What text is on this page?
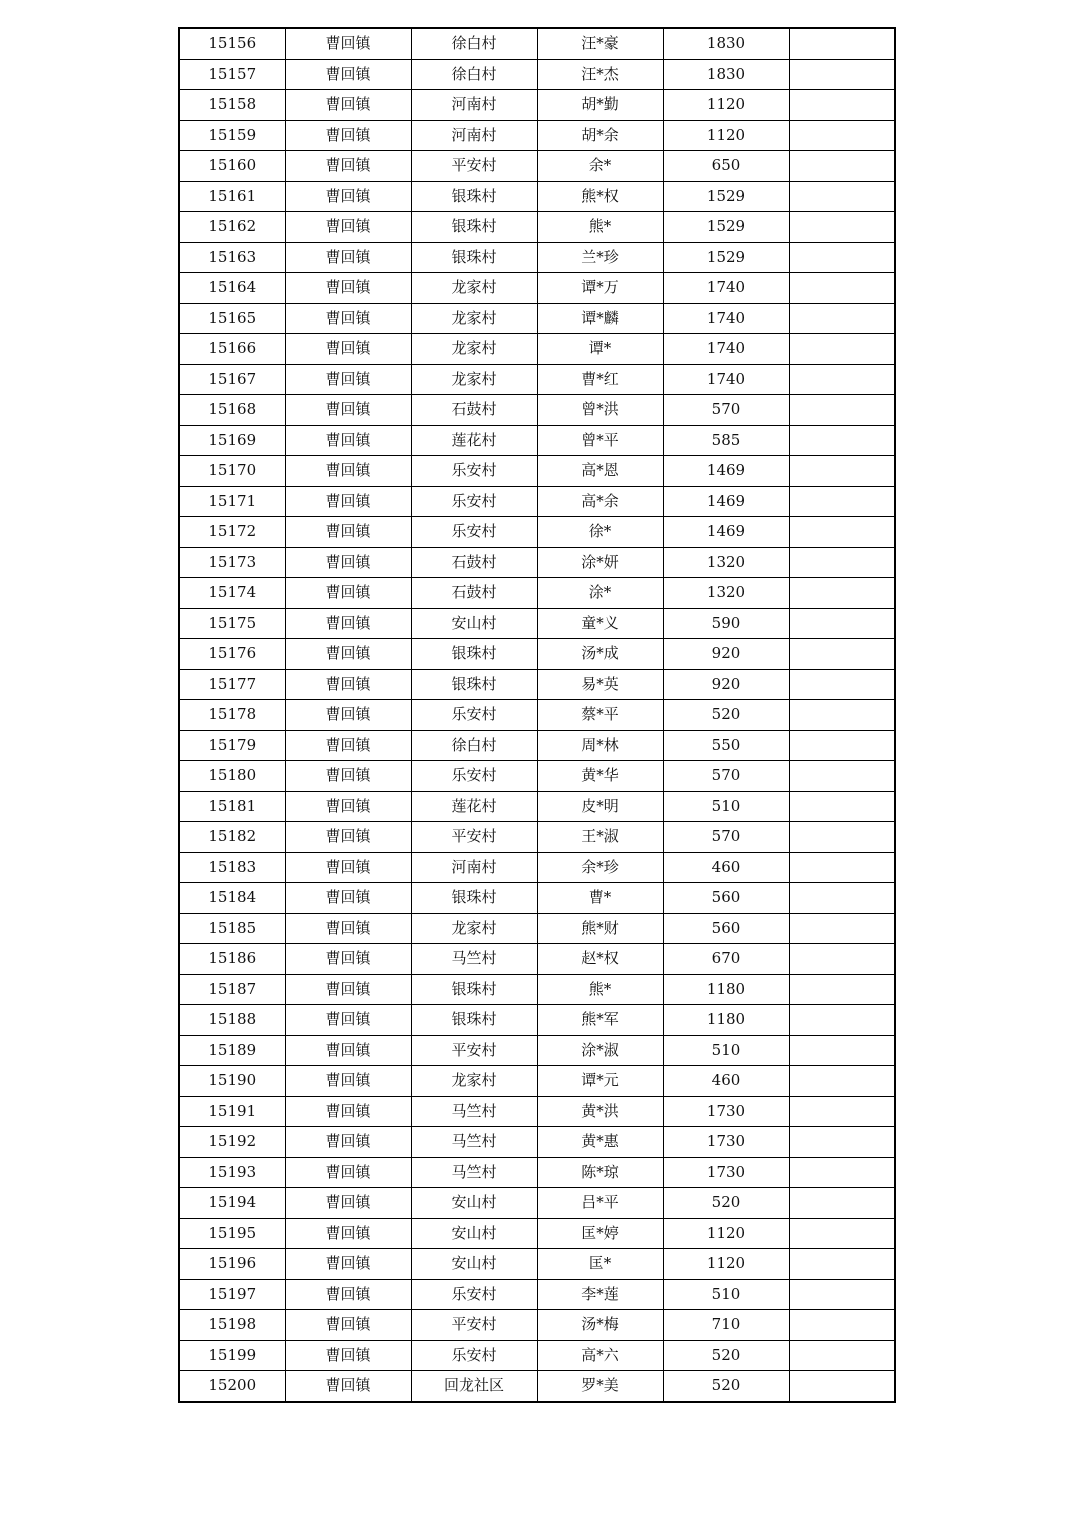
15156	曹回镇	徐白村	汪*豪	1830	
15157	曹回镇	徐白村	汪*杰	1830	
15158	曹回镇	河南村	胡*勤	1120	
15159	曹回镇	河南村	胡*余	1120	
15160	曹回镇	平安村	余*	650	
15161	曹回镇	银珠村	熊*权	1529	
15162	曹回镇	银珠村	熊*	1529	
15163	曹回镇	银珠村	兰*珍	1529	
15164	曹回镇	龙家村	谭*万	1740	
15165	曹回镇	龙家村	谭*麟	1740	
15166	曹回镇	龙家村	谭*	1740	
15167	曹回镇	龙家村	曹*红	1740	
15168	曹回镇	石鼓村	曾*洪	570	
15169	曹回镇	莲花村	曾*平	585	
15170	曹回镇	乐安村	高*恩	1469	
15171	曹回镇	乐安村	高*余	1469	
15172	曹回镇	乐安村	徐*	1469	
15173	曹回镇	石鼓村	涂*妍	1320	
15174	曹回镇	石鼓村	涂*	1320	
15175	曹回镇	安山村	童*义	590	
15176	曹回镇	银珠村	汤*成	920	
15177	曹回镇	银珠村	易*英	920	
15178	曹回镇	乐安村	蔡*平	520	
15179	曹回镇	徐白村	周*林	550	
15180	曹回镇	乐安村	黄*华	570	
15181	曹回镇	莲花村	皮*明	510	
15182	曹回镇	平安村	王*淑	570	
15183	曹回镇	河南村	余*珍	460	
15184	曹回镇	银珠村	曹*	560	
15185	曹回镇	龙家村	熊*财	560	
15186	曹回镇	马竺村	赵*权	670	
15187	曹回镇	银珠村	熊*	1180	
15188	曹回镇	银珠村	熊*军	1180	
15189	曹回镇	平安村	涂*淑	510	
15190	曹回镇	龙家村	谭*元	460	
15191	曹回镇	马竺村	黄*洪	1730	
15192	曹回镇	马竺村	黄*惠	1730	
15193	曹回镇	马竺村	陈*琼	1730	
15194	曹回镇	安山村	吕*平	520	
15195	曹回镇	安山村	匡*婷	1120	
15196	曹回镇	安山村	匡*	1120	
15197	曹回镇	乐安村	李*莲	510	
15198	曹回镇	平安村	汤*梅	710	
15199	曹回镇	乐安村	高*六	520	
15200	曹回镇	回龙社区	罗*美	520	
